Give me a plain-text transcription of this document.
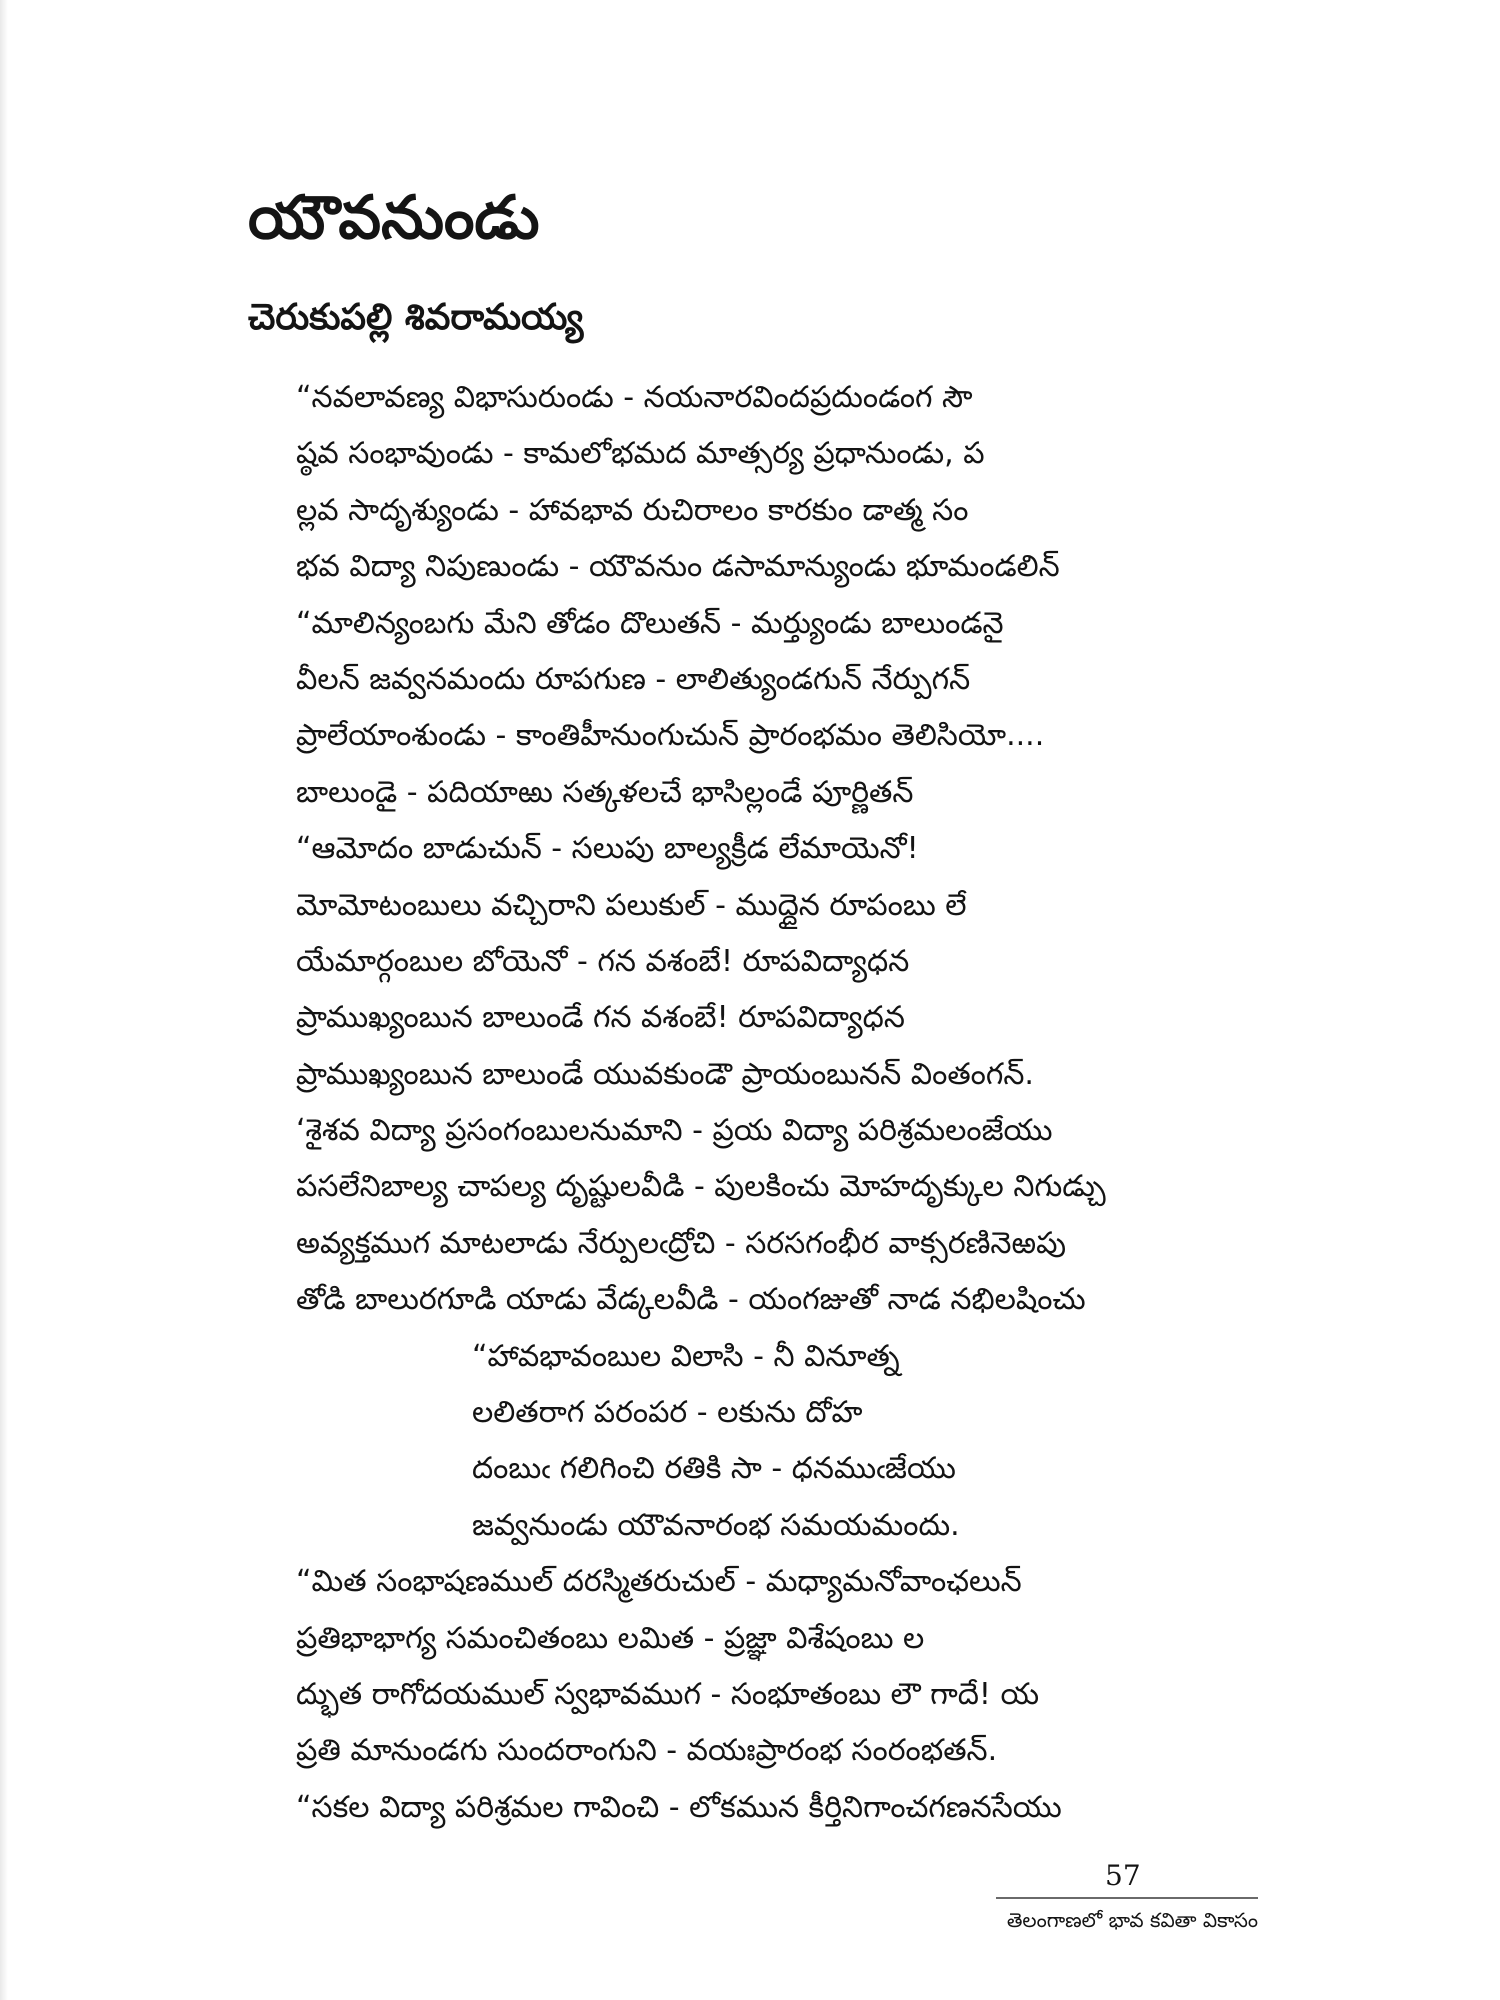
యౌవనుండు
చెరుకుపల్లి శివరామయ్య
“నవలావణ్య విభాసురుండు - నయనారవిందప్రదుండంగ సౌ
ష్ఠవ సంభావుండు - కామలోభమద మాత్సర్య ప్రధానుండు, ప
ల్లవ సాదృశ్యుండు - హావభావ రుచిరాలం కారకుం డాత్మ సం
భవ విద్యా నిపుణుండు - యౌవనుం డసామాన్యుండు భూమండలిన్
“మాలిన్యంబగు మేని తోడం దొలుతన్ - మర్త్యుండు బాలుండనై
వీలన్ జవ్వనమందు రూపగుణ - లాలిత్యుండగున్ నేర్పుగన్
ప్రాలేయాంశుండు - కాంతిహీనుంగుచున్ ప్రారంభమం తెలిసియో....
బాలుండై - పదియాఱు సత్కళలచే భాసిల్లండే పూర్ణితన్
“ఆమోదం బాడుచున్ - సలుపు బాల్యక్రీడ లేమాయెనో!
మోమోటంబులు వచ్చిరాని పలుకుల్ - ముద్దైన రూపంబు లే
యేమార్గంబుల బోయెనో - గన వశంబే! రూపవిద్యాధన
ప్రాముఖ్యంబున బాలుండే గన వశంబే! రూపవిద్యాధన
ప్రాముఖ్యంబున బాలుండే యువకుండౌ ప్రాయంబునన్ వింతంగన్.
‘శైశవ విద్యా ప్రసంగంబులనుమాని - ప్రయ విద్యా పరిశ్రమలంజేయు
పసలేనిబాల్య చాపల్య దృష్టులవీడి - పులకించు మోహదృక్కుల నిగుడ్చు
అవ్యక్తముగ మాటలాడు నేర్పులఁద్రోచి - సరసగంభీర వాక్సరణినెఱపు
తోడి బాలురగూడి యాడు వేడ్కలవీడి - యంగజుతో నాడ నభిలషించు
“హావభావంబుల విలాసి - నీ వినూత్న
లలితరాగ పరంపర - లకును దోహ
దంబుఁ గలిగించి రతికి సా - ధనముఁజేయు
జవ్వనుండు యౌవనారంభ సమయమందు.
“మిత సంభాషణముల్ దరస్మితరుచుల్ - మధ్యామనోవాంఛలున్
ప్రతిభాభాగ్య సమంచితంబు లమిత - ప్రజ్ఞా విశేషంబు ల
ద్భుత రాగోదయముల్ స్వభావముగ - సంభూతంబు లౌ గాదే! య
ప్రతి మానుండగు సుందరాంగుని - వయఃప్రారంభ సంరంభతన్.
“సకల విద్యా పరిశ్రమల గావించి - లోకమున కీర్తినిగాంచగణనసేయు
57
తెలంగాణలో భావ కవితా వికాసం
